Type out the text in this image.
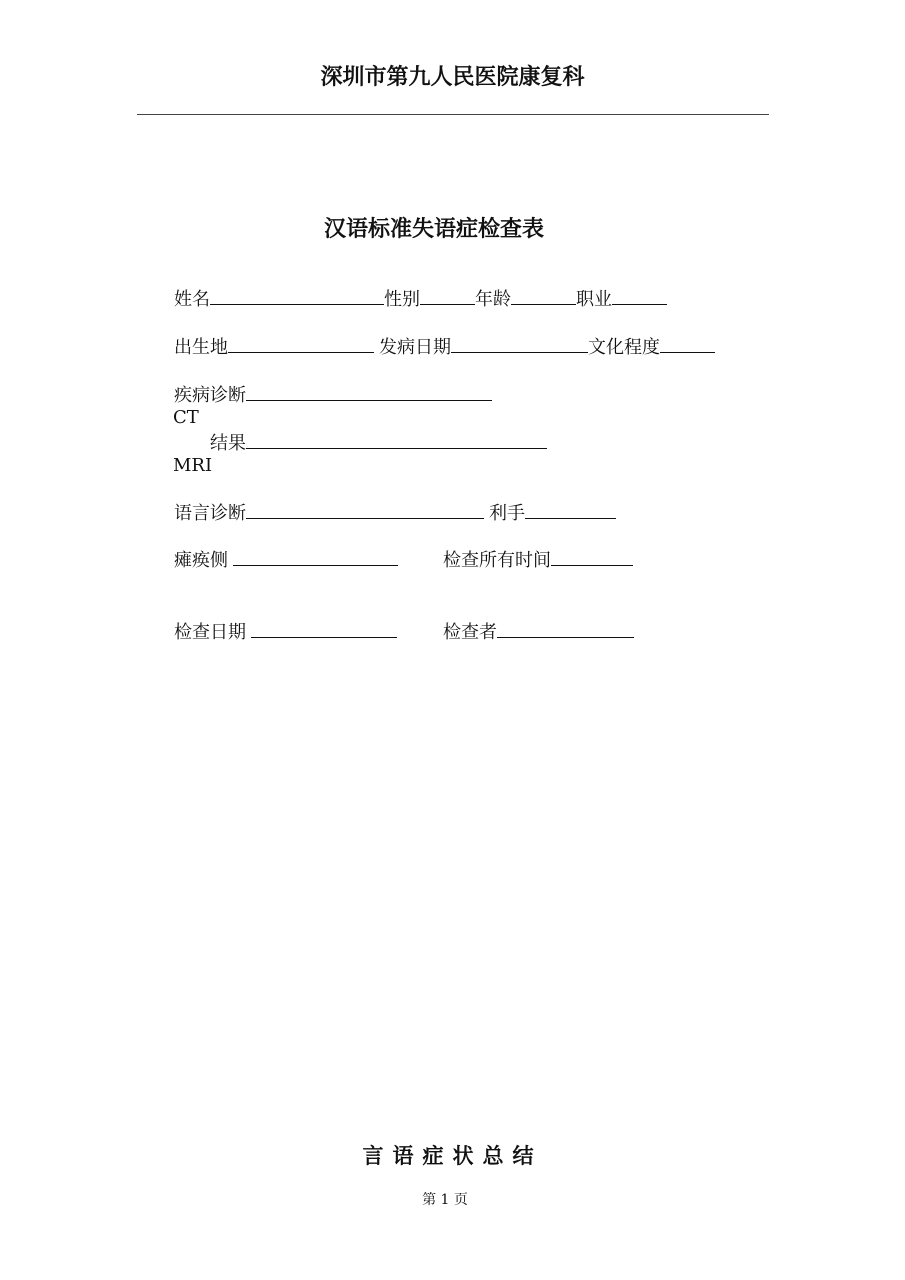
深圳市第九人民医院康复科
汉语标准失语症检查表
姓名	性别	年龄	职业
出生地	发病日期	文化程度
疾病诊断
CT
结果
MRI
语言诊断	利手
瘫痪侧	检查所有时间
检查日期	检查者
言语症状总结
第 1 页
